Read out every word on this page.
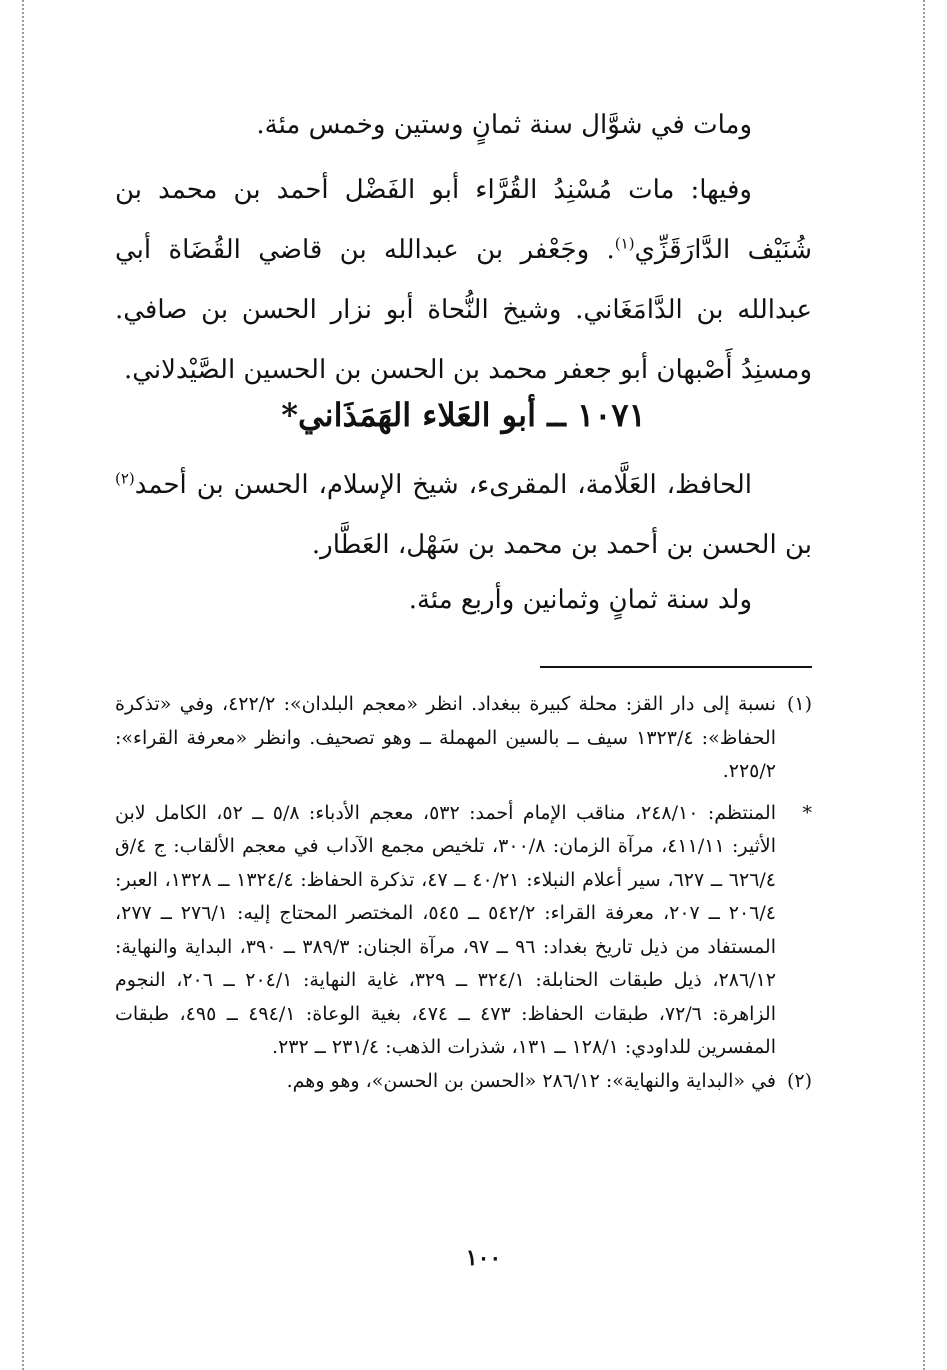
ومات في شوَّال سنة ثمانٍ وستين وخمس مئة.

وفيها: مات مُسْنِدُ القُرَّاء أبو الفَضْل أحمد بن محمد بن شُنَيْف الدَّارَقَزِّي$^{(١)}$. وجَعْفر بن عبدالله بن قاضي القُضَاة أبي عبدالله بن الدَّامَغَاني. وشيخ النُّحاة أبو نزار الحسن بن صافي. ومسنِدُ أَصْبهان أبو جعفر محمد بن الحسن بن الحسين الصَّيْدلاني.

١٠٧١ ــ أبو العَلاء الهَمَذَاني*

الحافظ، العَلَّامة، المقرىء، شيخ الإسلام، الحسن بن أحمد$^{(٢)}$ بن الحسن بن أحمد بن محمد بن سَهْل، العَطَّار.

ولد سنة ثمانٍ وثمانين وأربع مئة.

(١)
نسبة إلى دار القز: محلة كبيرة ببغداد. انظر «معجم البلدان»: ٤٢٢/٢، وفي «تذكرة الحفاظ»: ١٣٢٣/٤ سيف ــ بالسين المهملة ــ وهو تصحيف. وانظر «معرفة القراء»: ٢٢٥/٢.
*
المنتظم: ٢٤٨/١٠، مناقب الإمام أحمد: ٥٣٢، معجم الأدباء: ٥/٨ ــ ٥٢، الكامل لابن الأثير: ٤١١/١١، مرآة الزمان: ٣٠٠/٨، تلخيص مجمع الآداب في معجم الألقاب: ج ٤/ق ٦٢٦/٤ ــ ٦٢٧، سير أعلام النبلاء: ٤٠/٢١ ــ ٤٧، تذكرة الحفاظ: ١٣٢٤/٤ ــ ١٣٢٨، العبر: ٢٠٦/٤ ــ ٢٠٧، معرفة القراء: ٥٤٢/٢ ــ ٥٤٥، المختصر المحتاج إليه: ٢٧٦/١ ــ ٢٧٧، المستفاد من ذيل تاريخ بغداد: ٩٦ ــ ٩٧، مرآة الجنان: ٣٨٩/٣ ــ ٣٩٠، البداية والنهاية: ٢٨٦/١٢، ذيل طبقات الحنابلة: ٣٢٤/١ ــ ٣٢٩، غاية النهاية: ٢٠٤/١ ــ ٢٠٦، النجوم الزاهرة: ٧٢/٦، طبقات الحفاظ: ٤٧٣ ــ ٤٧٤، بغية الوعاة: ٤٩٤/١ ــ ٤٩٥، طبقات المفسرين للداودي: ١٢٨/١ ــ ١٣١، شذرات الذهب: ٢٣١/٤ ــ ٢٣٢.
(٢)
في «البداية والنهاية»: ٢٨٦/١٢ «الحسن بن الحسن»، وهو وهم.
١٠٠
